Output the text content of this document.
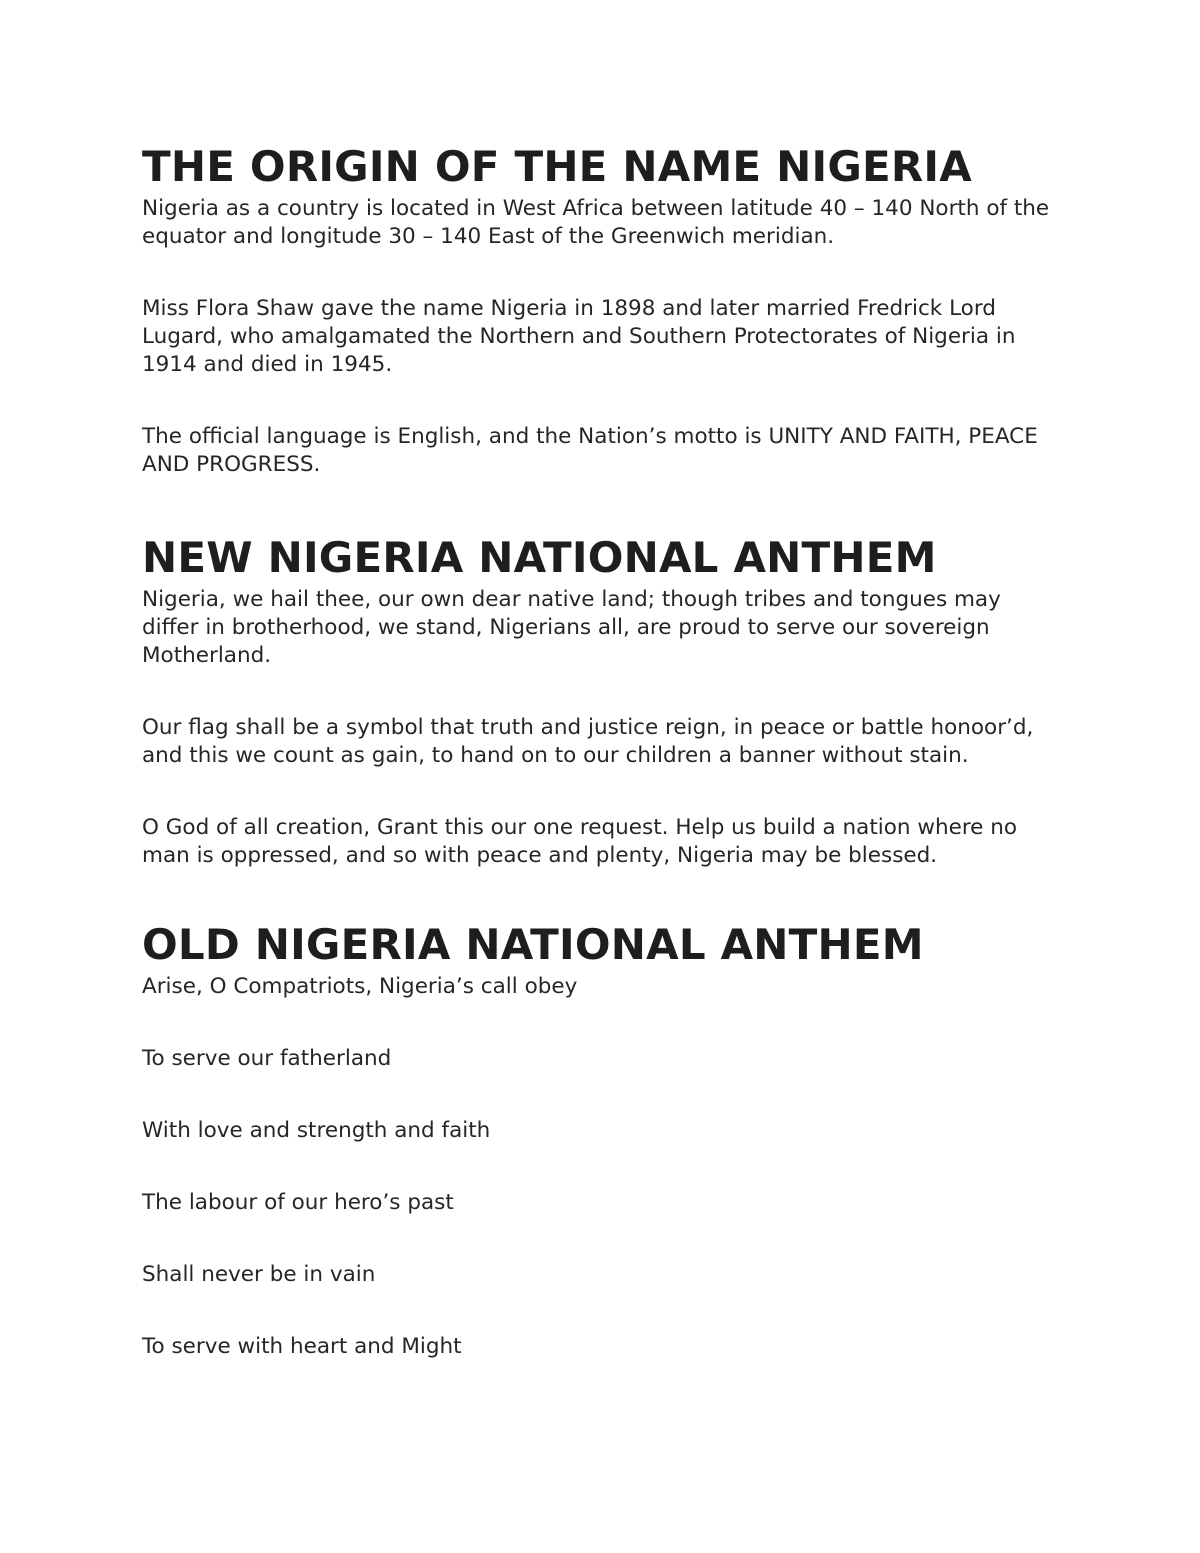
THE ORIGIN OF THE NAME NIGERIA

Nigeria as a country is located in West Africa between latitude 40 – 140 North of the equator and longitude 30 – 140 East of the Greenwich meridian.

Miss Flora Shaw gave the name Nigeria in 1898 and later married Fredrick Lord Lugard, who amalgamated the Northern and Southern Protectorates of Nigeria in 1914 and died in 1945.

The official language is English, and the Nation’s motto is UNITY AND FAITH, PEACE AND PROGRESS.

NEW NIGERIA NATIONAL ANTHEM

Nigeria, we hail thee, our own dear native land; though tribes and tongues may differ in brotherhood, we stand, Nigerians all, are proud to serve our sovereign Motherland.

Our flag shall be a symbol that truth and justice reign, in peace or battle honoor’d, and this we count as gain, to hand on to our children a banner without stain.

O God of all creation, Grant this our one request. Help us build a nation where no man is oppressed, and so with peace and plenty, Nigeria may be blessed.

OLD NIGERIA NATIONAL ANTHEM

Arise, O Compatriots, Nigeria’s call obey

To serve our fatherland

With love and strength and faith

The labour of our hero’s past

Shall never be in vain

To serve with heart and Might
